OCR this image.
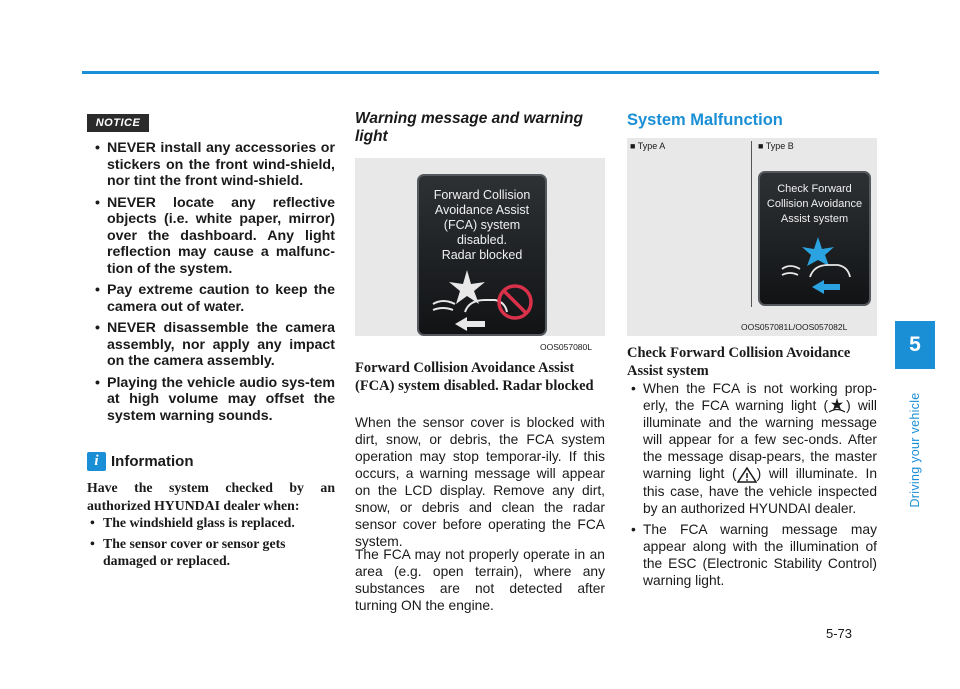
5
Driving your vehicle
5-73
NOTICE
• NEVER install any accessories or stickers on the front wind-shield, nor tint the front wind-shield.
• NEVER locate any reflective objects (i.e. white paper, mirror) over the dashboard. Any light reflection may cause a malfunc-tion of the system.
• Pay extreme caution to keep the camera out of water.
• NEVER disassemble the camera assembly, nor apply any impact on the camera assembly.
• Playing the vehicle audio sys-tem at high volume may offset the system warning sounds.
i Information
Have the system checked by an authorized HYUNDAI dealer when:
• The windshield glass is replaced.
• The sensor cover or sensor gets damaged or replaced.
Warning message and warning light
Forward Collision
Avoidance Assist
(FCA) system
disabled.
Radar blocked
OOS057080L
Forward Collision Avoidance Assist (FCA) system disabled. Radar blocked
When the sensor cover is blocked with dirt, snow, or debris, the FCA system operation may stop temporar-ily. If this occurs, a warning message will appear on the LCD display. Remove any dirt, snow, or debris and clean the radar sensor cover before operating the FCA system.
The FCA may not properly operate in an area (e.g. open terrain), where any substances are not detected after turning ON the engine.
System Malfunction
■ Type A	■ Type B
Check Forward
Collision Avoidance
Assist system
OOS057081L/OOS057082L
Check Forward Collision Avoidance Assist system
• When the FCA is not working prop-erly, the FCA warning light ( ) will illuminate and the warning message will appear for a few sec-onds. After the message disap-pears, the master warning light ( ) will illuminate. In this case, have the vehicle inspected by an authorized HYUNDAI dealer.
• The FCA warning message may appear along with the illumination of the ESC (Electronic Stability Control) warning light.
